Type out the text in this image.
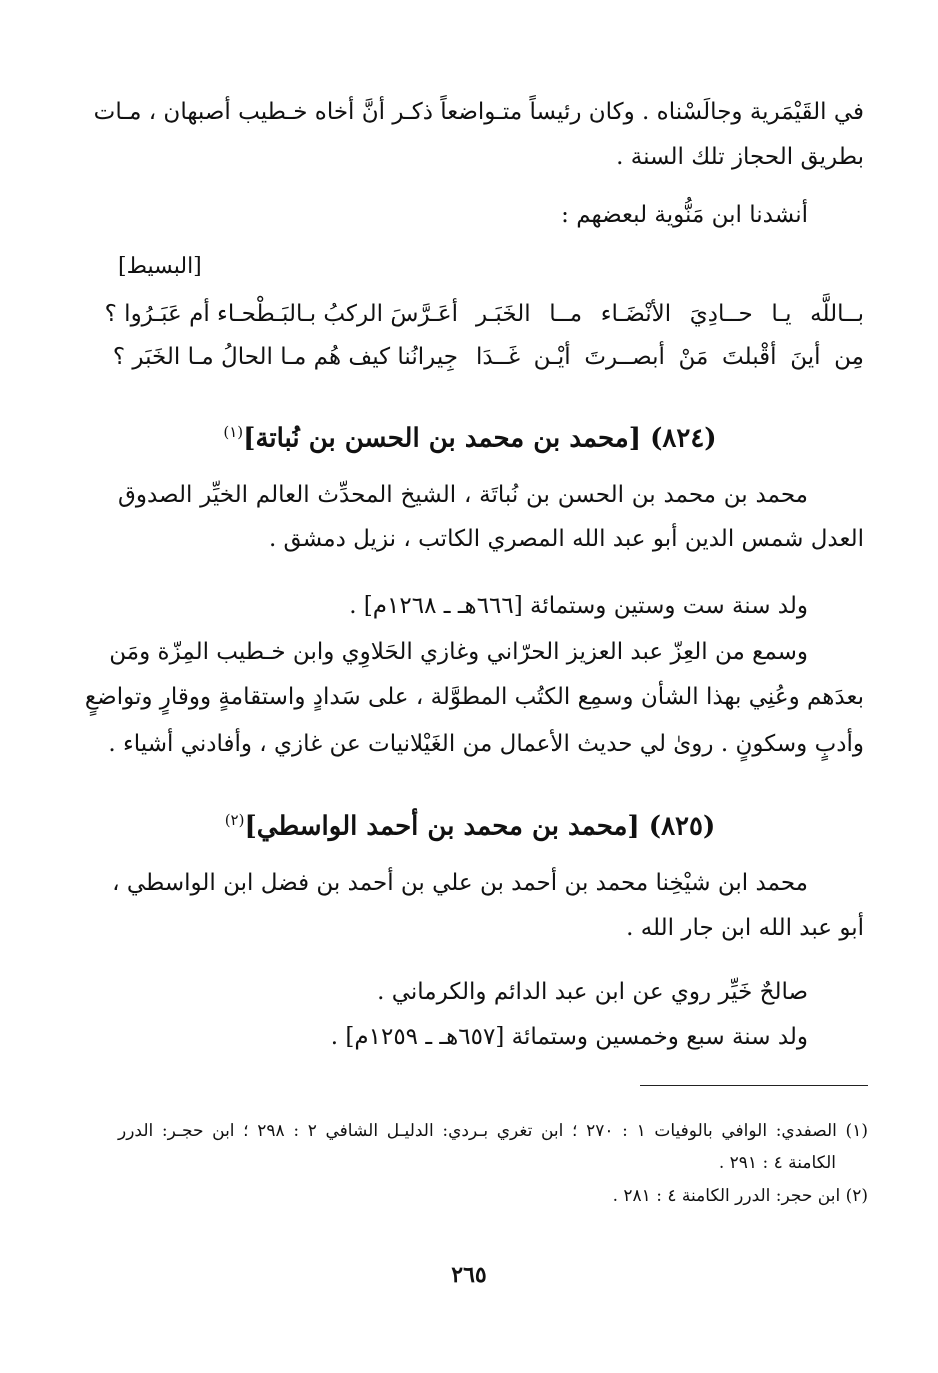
في القَيْمَرية وجالَسْناه . وكان رئيساً متـواضعاً ذكـر أنَّ أخاه خـطيب أصبهان ، مـات
بطريق الحجاز تلك السنة .
أنشدنا ابن مَنُّوية لبعضهم :
[البسيط]
بــاللَّه يـا حــادِيَ الأنْضَـاء مــا الخَبَـر
أعَـرَّسَ الركبُ بـالبَـطْحـاء أم عَبَـرُوا ؟
مِن أينَ أقْبلتَ مَنْ أبصــرتَ أيْـن غَــدَا
جِيرانُنا كيف هُم مـا الحالُ مـا الخَبَر ؟
(٨٢٤) [محمد بن محمد بن الحسن بن نُباتة]$^{(١)}$
محمد بن محمد بن الحسن بن نُباتَة ، الشيخ المحدِّث العالم الخيِّر الصدوق
العدل شمس الدين أبو عبد الله المصري الكاتب ، نزيل دمشق .
ولد سنة ست وستين وستمائة [٦٦٦هـ ـ ١٢٦٨م] .
وسمع من العِزّ عبد العزيز الحرّاني وغازي الحَلاوِي وابن خـطيب المِزّة ومَن
بعدَهم وعُنِي بهذا الشأن وسمِع الكتُب المطوَّلة ، على سَدادٍ واستقامةٍ ووقارٍ وتواضعٍ
وأدبٍ وسكونٍ . روىٰ لي حديث الأعمال من الغَيْلانيات عن غازي ، وأفادني أشياء .
(٨٢٥) [محمد بن محمد بن أحمد الواسطي]$^{(٢)}$
محمد ابن شيْخِنا محمد بن أحمد بن علي بن أحمد بن فضل ابن الواسطي ،
أبو عبد الله ابن جار الله .
صالحٌ خَيِّر روي عن ابن عبد الدائم والكرماني .
ولد سنة سبع وخمسين وستمائة [٦٥٧هـ ـ ١٢٥٩م] .
(١) الصفدي: الوافي بالوفيات ١ : ٢٧٠ ؛ ابن تغري بـردي: الدليـل الشافي ٢ : ٢٩٨ ؛ ابن حجـر: الدرر
الكامنة ٤ : ٢٩١ .
(٢) ابن حجر: الدرر الكامنة ٤ : ٢٨١ .
٢٦٥
